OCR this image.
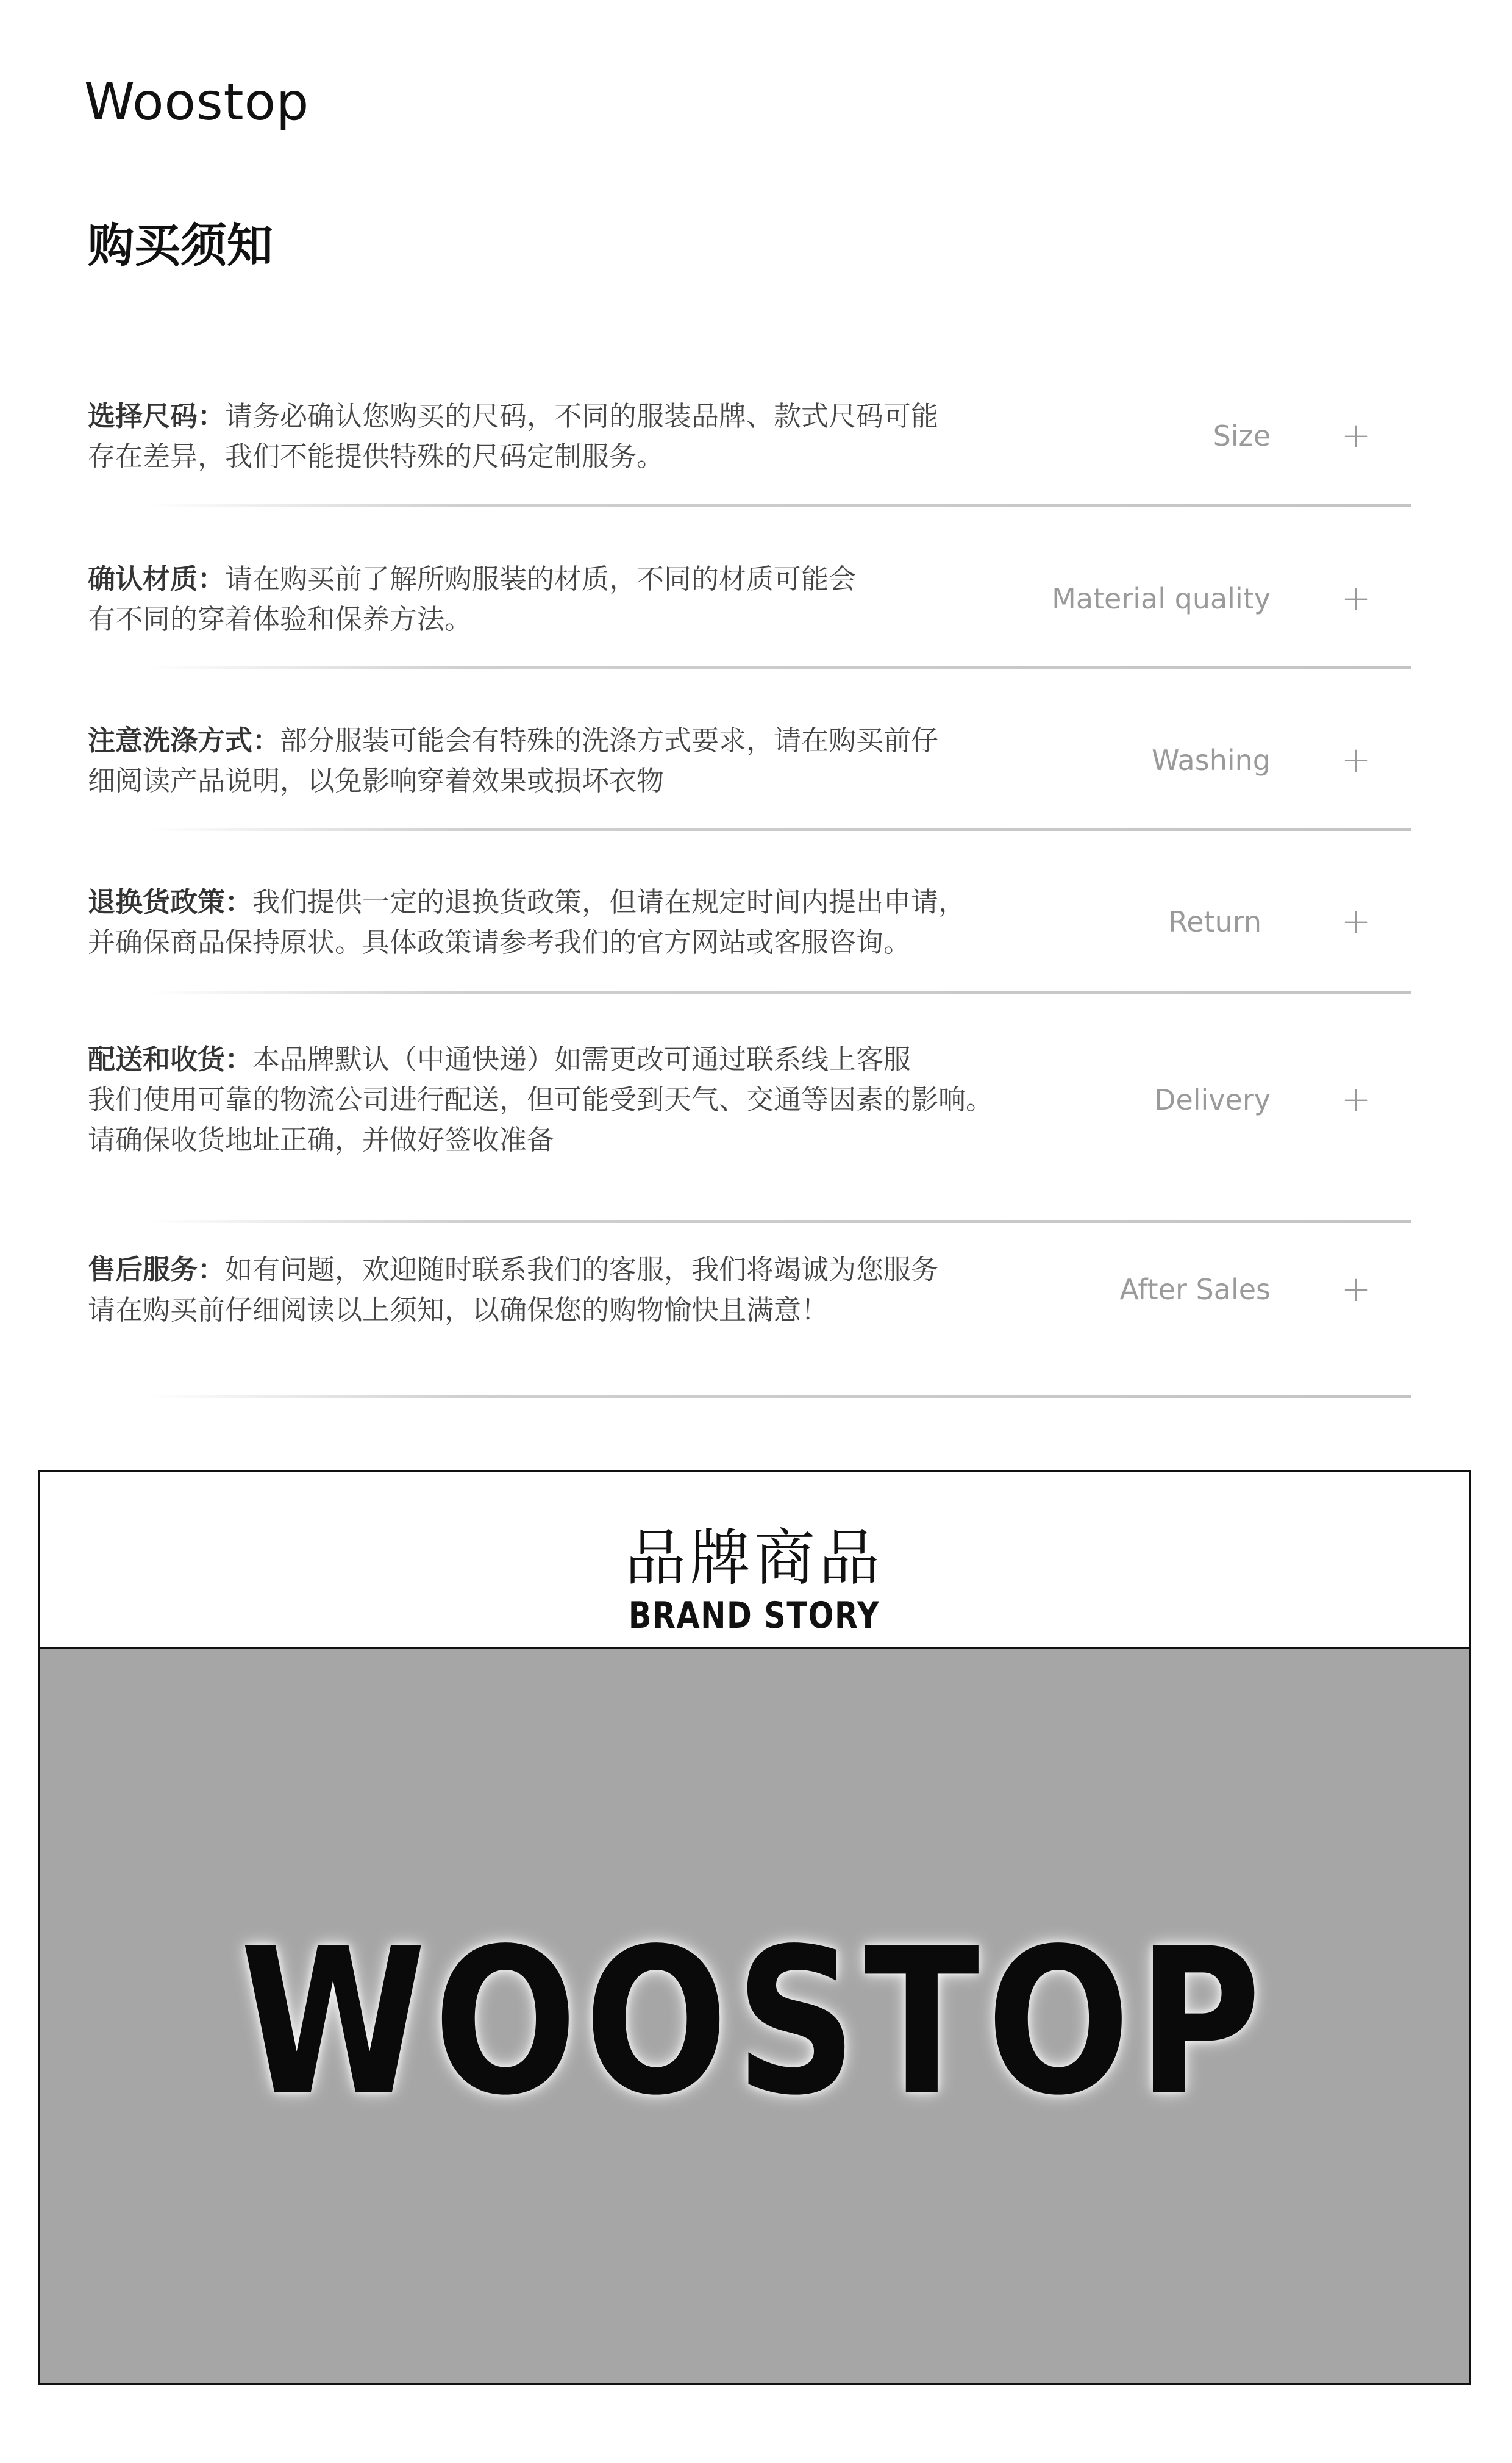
Woostop
购买须知
选择尺码：请务必确认您购买的尺码，不同的服装品牌、款式尺码可能
存在差异，我们不能提供特殊的尺码定制服务。
Size +
确认材质：请在购买前了解所购服装的材质，不同的材质可能会
有不同的穿着体验和保养方法。
Material quality +
注意洗涤方式：部分服装可能会有特殊的洗涤方式要求，请在购买前仔
细阅读产品说明，以免影响穿着效果或损坏衣物
Washing +
退换货政策：我们提供一定的退换货政策，但请在规定时间内提出申请，
并确保商品保持原状。具体政策请参考我们的官方网站或客服咨询。
Return +
配送和收货：本品牌默认（中通快递）如需更改可通过联系线上客服
我们使用可靠的物流公司进行配送，但可能受到天气、交通等因素的影响。
请确保收货地址正确，并做好签收准备
Delivery +
售后服务：如有问题，欢迎随时联系我们的客服，我们将竭诚为您服务
请在购买前仔细阅读以上须知，以确保您的购物愉快且满意！
After Sales +
品牌商品
BRAND STORY
WOOSTOP
